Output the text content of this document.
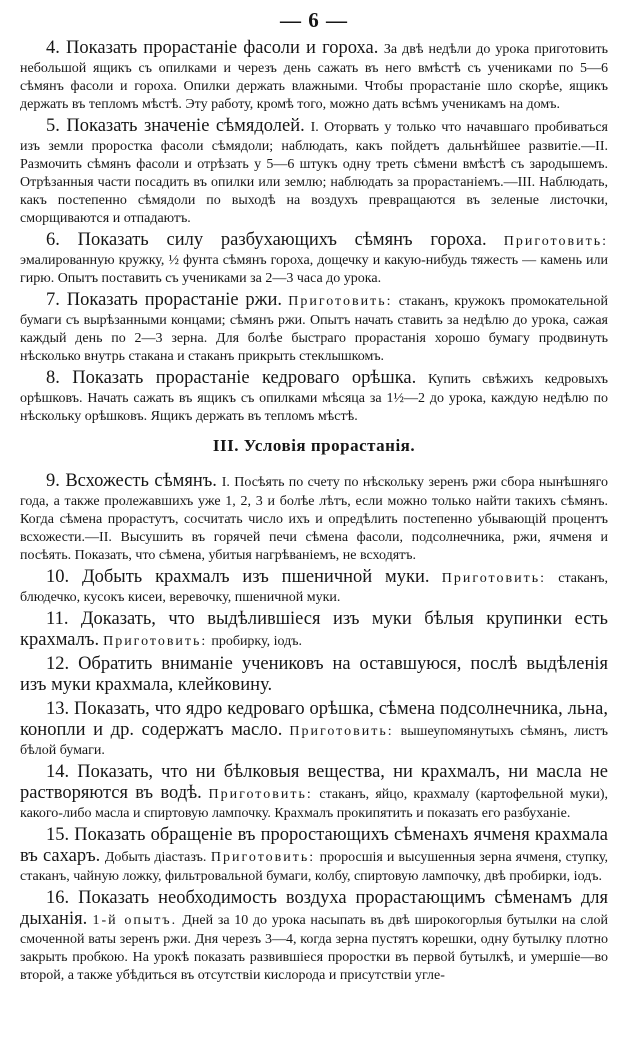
— 6 —

4. Показать прорастаніе фасоли и гороха. За двѣ недѣли до урока приготовить небольшой ящикъ съ опилками и черезъ день сажать въ него вмѣстѣ съ учениками по 5—6 сѣмянъ фасоли и гороха. Опилки держать влажными. Чтобы прорастаніе шло скорѣе, ящикъ держать въ тепломъ мѣстѣ. Эту работу, кромѣ того, можно дать всѣмъ ученикамъ на домъ.

5. Показать значеніе сѣмядолей. I. Оторвать у только что начавшаго пробиваться изъ земли проростка фасоли сѣмядоли; наблюдать, какъ пойдетъ дальнѣйшее развитіе.—II. Размочить сѣмянъ фасоли и отрѣзать у 5—6 штукъ одну треть сѣмени вмѣстѣ съ зародышемъ. Отрѣзанныя части посадить въ опилки или землю; наблюдать за прорастаніемъ.—III. Наблюдать, какъ постепенно сѣмядоли по выходѣ на воздухъ превращаются въ зеленые листочки, сморщиваются и отпадаютъ.

6. Показать силу разбухающихъ сѣмянъ гороха. Приготовить: эмалированную кружку, ½ фунта сѣмянъ гороха, дощечку и какую-нибудь тяжесть — камень или гирю. Опытъ поставить съ учениками за 2—3 часа до урока.

7. Показать прорастаніе ржи. Приготовить: стаканъ, кружокъ промокательной бумаги съ вырѣзанными концами; сѣмянъ ржи. Опытъ начать ставить за недѣлю до урока, сажая каждый день по 2—3 зерна. Для болѣе быстраго прорастанія хорошо бумагу продвинуть нѣсколько внутрь стакана и стаканъ прикрыть стеклышкомъ.

8. Показать прорастаніе кедроваго орѣшка. Купить свѣжихъ кедровыхъ орѣшковъ. Начать сажать въ ящикъ съ опилками мѣсяца за 1½—2 до урока, каждую недѣлю по нѣскольку орѣшковъ. Ящикъ держать въ тепломъ мѣстѣ.

III. Условія прорастанія.

9. Всхожесть сѣмянъ. I. Посѣять по счету по нѣскольку зеренъ ржи сбора нынѣшняго года, а также пролежавшихъ уже 1, 2, 3 и болѣе лѣтъ, если можно только найти такихъ сѣмянъ. Когда сѣмена прорастутъ, сосчитать число ихъ и опредѣлить постепенно убывающій процентъ всхожести.—II. Высушить въ горячей печи сѣмена фасоли, подсолнечника, ржи, ячменя и посѣять. Показать, что сѣмена, убитыя нагрѣваніемъ, не всходятъ.

10. Добыть крахмалъ изъ пшеничной муки. Приготовить: стаканъ, блюдечко, кусокъ кисеи, веревочку, пшеничной муки.

11. Доказать, что выдѣлившіеся изъ муки бѣлыя крупинки есть крахмалъ. Приготовить: пробирку, іодъ.

12. Обратить вниманіе учениковъ на оставшуюся, послѣ выдѣленія изъ муки крахмала, клейковину.

13. Показать, что ядро кедроваго орѣшка, сѣмена подсолнечника, льна, конопли и др. содержатъ масло. Приготовить: вышеупомянутыхъ сѣмянъ, листъ бѣлой бумаги.

14. Показать, что ни бѣлковыя вещества, ни крахмалъ, ни масла не растворяются въ водѣ. Приготовить: стаканъ, яйцо, крахмалу (картофельной муки), какого-либо масла и спиртовую лампочку. Крахмалъ прокипятить и показать его разбуханіе.

15. Показать обращеніе въ проростающихъ сѣменахъ ячменя крахмала въ сахаръ. Добыть діастазъ. Приготовить: проросшія и высушенныя зерна ячменя, ступку, стаканъ, чайную ложку, фильтровальной бумаги, колбу, спиртовую лампочку, двѣ пробирки, іодъ.

16. Показать необходимость воздуха прорастающимъ сѣменамъ для дыханія. 1-й опытъ. Дней за 10 до урока насыпать въ двѣ широкогорлыя бутылки на слой смоченной ваты зеренъ ржи. Дня черезъ 3—4, когда зерна пустятъ корешки, одну бутылку плотно закрыть пробкою. На урокѣ показать развившіеся проростки въ первой бутылкѣ, и умершіе—во второй, а также убѣдиться въ отсутствіи кислорода и присутствіи угле-
